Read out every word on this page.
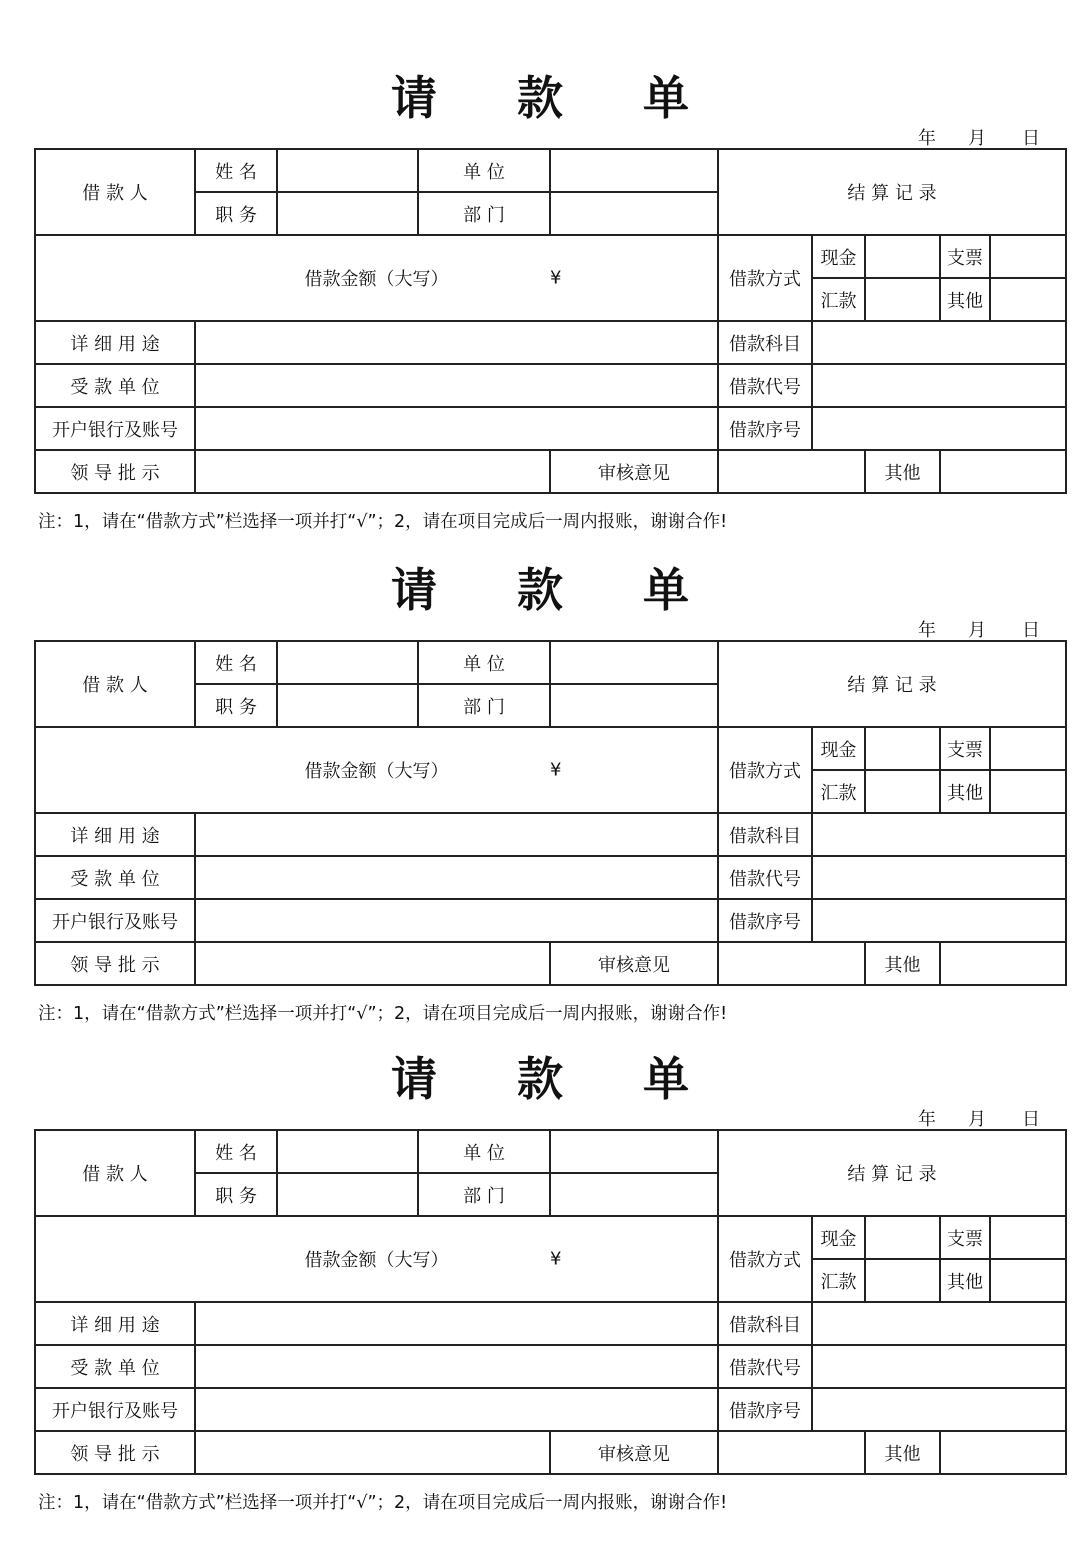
请 款 单
年 月 日
借 款 人	姓 名		单 位		结 算 记 录				
	职 务		部 门						
借款金额（大写） ¥					借款方式	现金		支票	
						汇款		其他	
详 细 用 途					借款科目				
受 款 单 位					借款代号				
开户银行及账号					借款序号				
领 导 批 示				审核意见			其他		
注：1，请在“借款方式”栏选择一项并打“√”；2，请在项目完成后一周内报账，谢谢合作!
请 款 单
年 月 日
借 款 人	姓 名		单 位		结 算 记 录				
	职 务		部 门						
借款金额（大写） ¥					借款方式	现金		支票	
						汇款		其他	
详 细 用 途					借款科目				
受 款 单 位					借款代号				
开户银行及账号					借款序号				
领 导 批 示				审核意见			其他		
注：1，请在“借款方式”栏选择一项并打“√”；2，请在项目完成后一周内报账，谢谢合作!
请 款 单
年 月 日
借 款 人	姓 名		单 位		结 算 记 录				
	职 务		部 门						
借款金额（大写） ¥					借款方式	现金		支票	
						汇款		其他	
详 细 用 途					借款科目				
受 款 单 位					借款代号				
开户银行及账号					借款序号				
领 导 批 示				审核意见			其他		
注：1，请在“借款方式”栏选择一项并打“√”；2，请在项目完成后一周内报账，谢谢合作!
